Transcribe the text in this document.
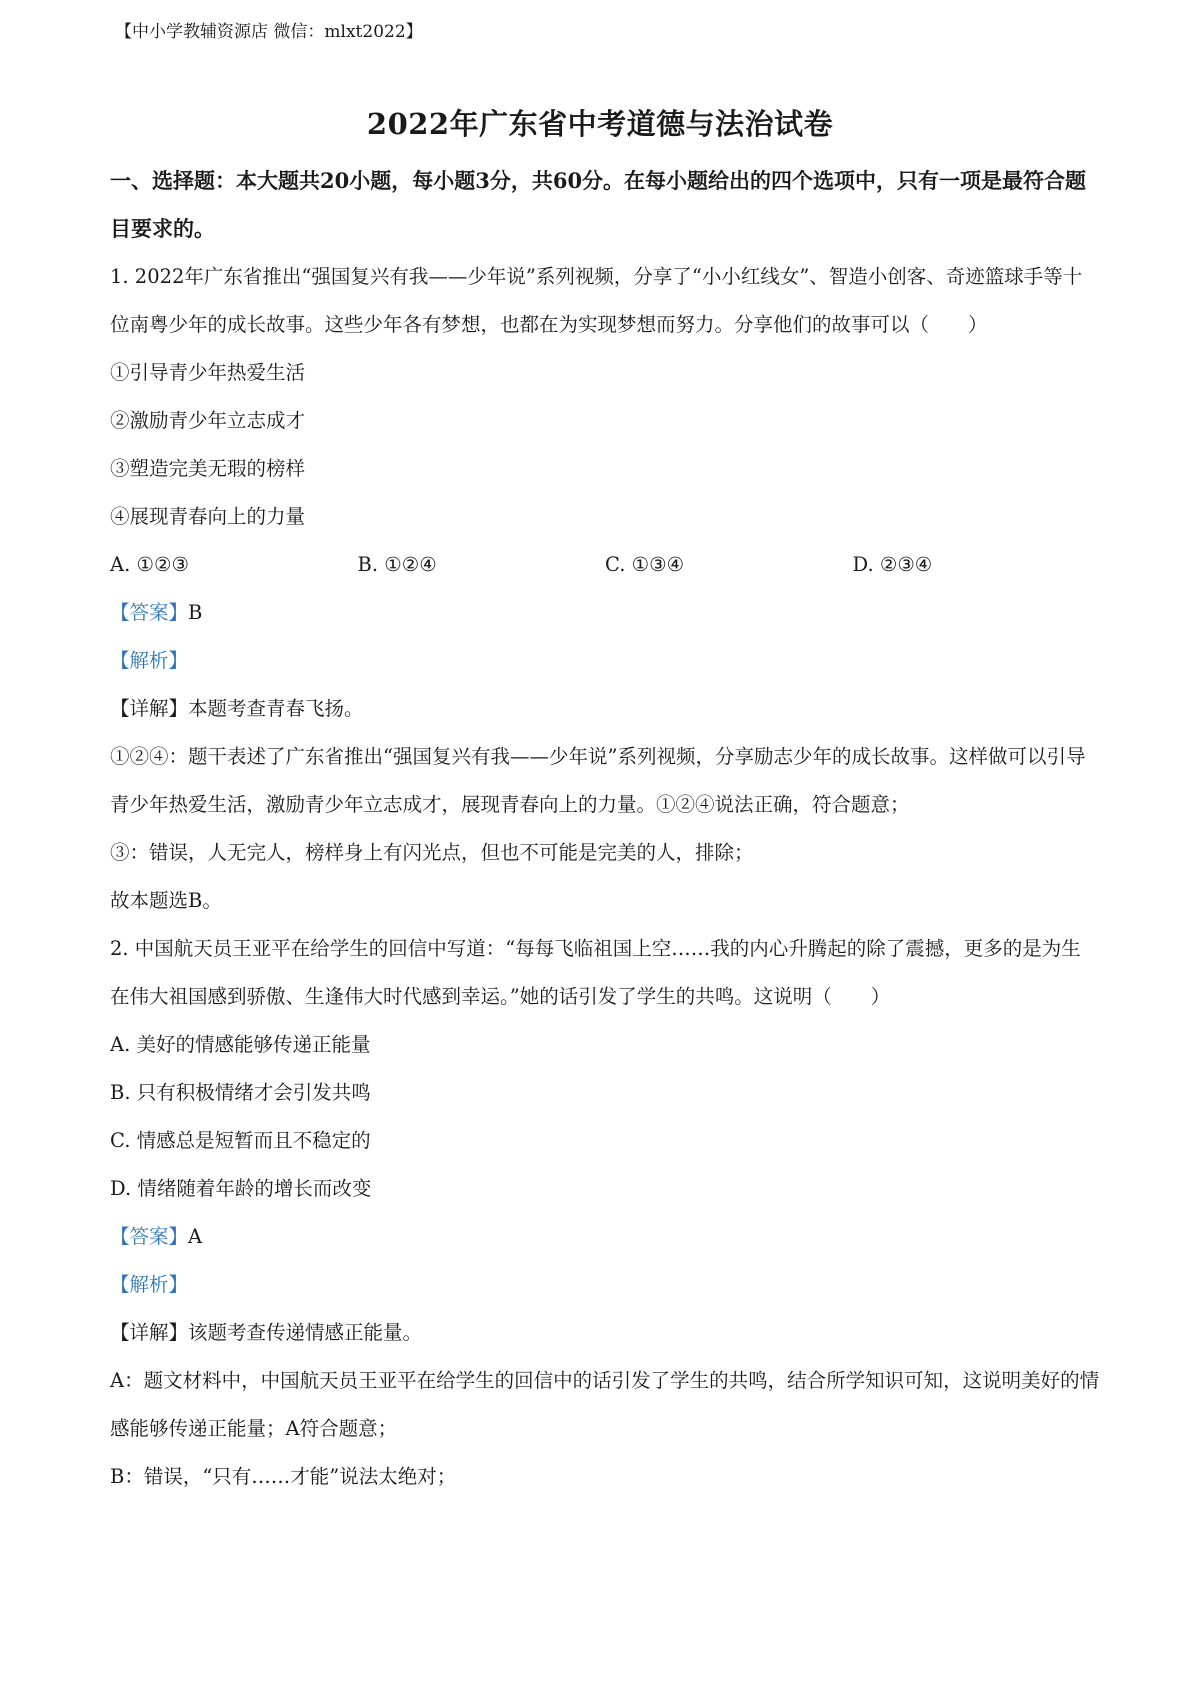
【中小学教辅资源店 微信：mlxt2022】
2022年广东省中考道德与法治试卷

一、选择题：本大题共20小题，每小题3分，共60分。在每小题给出的四个选项中，只有一项是最符合题目要求的。

1. 2022年广东省推出“强国复兴有我——少年说”系列视频，分享了“小小红线女”、智造小创客、奇迹篮球手等十位南粤少年的成长故事。这些少年各有梦想，也都在为实现梦想而努力。分享他们的故事可以（　　）

①引导青少年热爱生活
②激励青少年立志成才
③塑造完美无瑕的榜样
④展现青春向上的力量
A. ①②③	B. ①②④	C. ①③④	D. ②③④
【答案】B
【解析】
【详解】本题考查青春飞扬。

①②④：题干表述了广东省推出“强国复兴有我——少年说”系列视频，分享励志少年的成长故事。这样做可以引导青少年热爱生活，激励青少年立志成才，展现青春向上的力量。①②④说法正确，符合题意；

③：错误，人无完人，榜样身上有闪光点，但也不可能是完美的人，排除；

故本题选B。

2. 中国航天员王亚平在给学生的回信中写道：“每每飞临祖国上空……我的内心升腾起的除了震撼，更多的是为生在伟大祖国感到骄傲、生逢伟大时代感到幸运。”她的话引发了学生的共鸣。这说明（　　）

A. 美好的情感能够传递正能量
B. 只有积极情绪才会引发共鸣
C. 情感总是短暂而且不稳定的
D. 情绪随着年龄的增长而改变
【答案】A
【解析】
【详解】该题考查传递情感正能量。

A：题文材料中，中国航天员王亚平在给学生的回信中的话引发了学生的共鸣，结合所学知识可知，这说明美好的情感能够传递正能量；A符合题意；

B：错误，“只有……才能”说法太绝对；
